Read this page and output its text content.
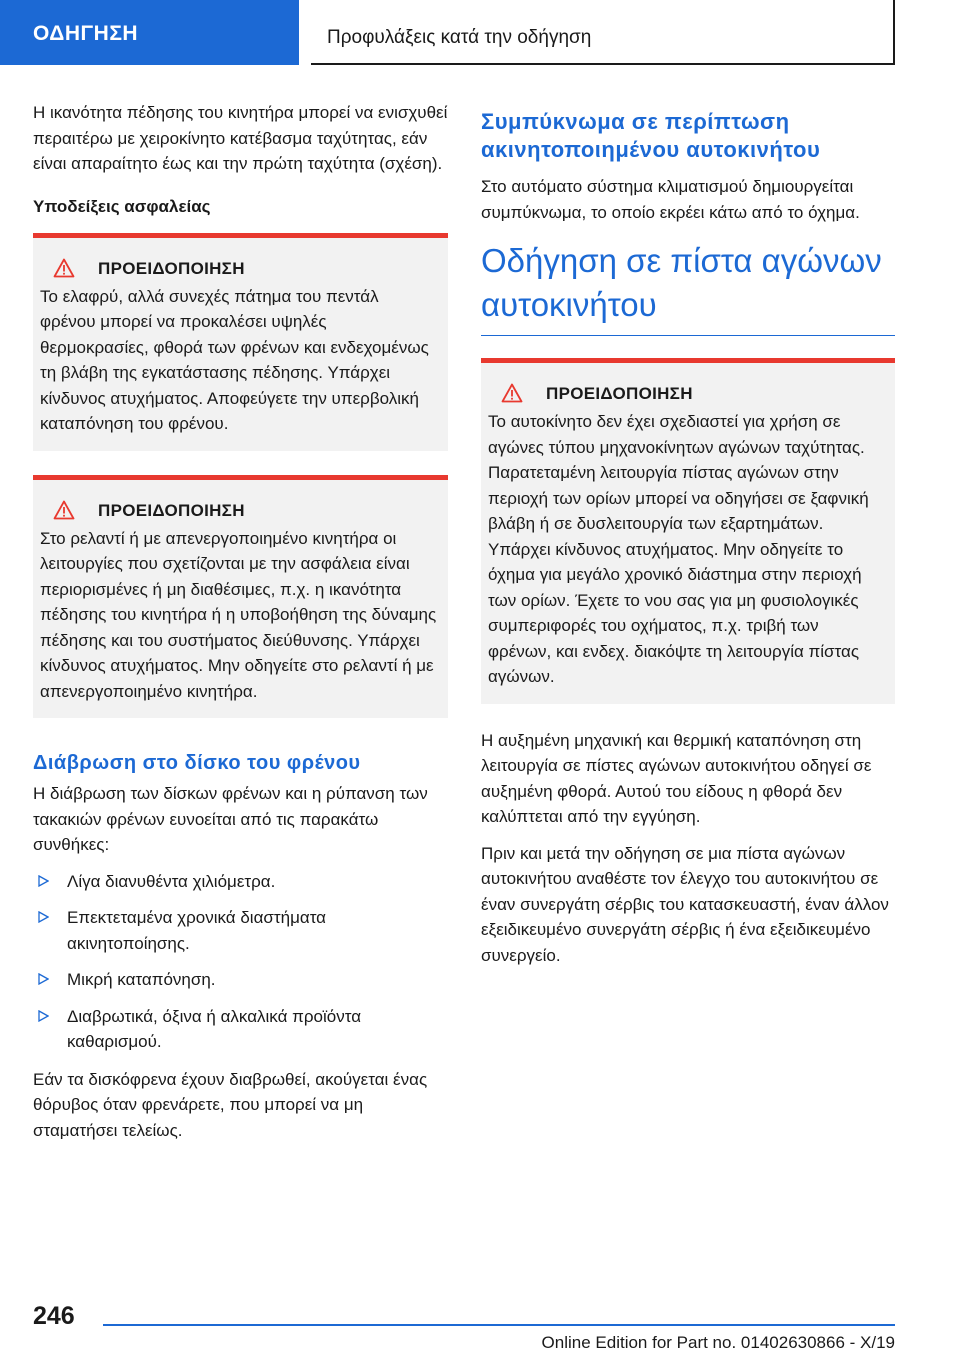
ΟΔΗΓΗΣΗ	Προφυλάξεις κατά την οδήγηση

Η ικανότητα πέδησης του κινητήρα μπορεί να ενισχυθεί περαιτέρω με χειροκίνητο κατέβασμα ταχύτητας, εάν είναι απαραίτητο έως και την πρώτη ταχύτητα (σχέση).

Υποδείξεις ασφαλείας
ΠΡΟΕΙΔΟΠΟΙΗΣΗ
Το ελαφρύ, αλλά συνεχές πάτημα του πεντάλ φρένου μπορεί να προκαλέσει υψηλές θερμοκρασίες, φθορά των φρένων και ενδεχομένως τη βλάβη της εγκατάστασης πέδησης. Υπάρχει κίνδυνος ατυχήματος. Αποφεύγετε την υπερβολική καταπόνηση του φρένου.
ΠΡΟΕΙΔΟΠΟΙΗΣΗ
Στο ρελαντί ή με απενεργοποιημένο κινητήρα οι λειτουργίες που σχετίζονται με την ασφάλεια είναι περιορισμένες ή μη διαθέσιμες, π.χ. η ικανότητα πέδησης του κινητήρα ή η υποβοήθηση της δύναμης πέδησης και του συστήματος διεύθυνσης. Υπάρχει κίνδυνος ατυχήματος. Μην οδηγείτε στο ρελαντί ή με απενεργοποιημένο κινητήρα.
Διάβρωση στο δίσκο του φρένου

Η διάβρωση των δίσκων φρένων και η ρύπανση των τακακιών φρένων ευνοείται από τις παρακάτω συνθήκες:

Λίγα διανυθέντα χιλιόμετρα.
Επεκτεταμένα χρονικά διαστήματα ακινητοποίησης.
Μικρή καταπόνηση.
Διαβρωτικά, όξινα ή αλκαλικά προϊόντα καθαρισμού.

Εάν τα δισκόφρενα έχουν διαβρωθεί, ακούγεται ένας θόρυβος όταν φρενάρετε, που μπορεί να μη σταματήσει τελείως.

Συμπύκνωμα σε περίπτωση ακινητοποιημένου αυτοκινήτου

Στο αυτόματο σύστημα κλιματισμού δημιουργείται συμπύκνωμα, το οποίο εκρέει κάτω από το όχημα.

Οδήγηση σε πίστα αγώνων αυτοκινήτου
ΠΡΟΕΙΔΟΠΟΙΗΣΗ
Το αυτοκίνητο δεν έχει σχεδιαστεί για χρήση σε αγώνες τύπου μηχανοκίνητων αγώνων ταχύτητας. Παρατεταμένη λειτουργία πίστας αγώνων στην περιοχή των ορίων μπορεί να οδηγήσει σε ξαφνική βλάβη ή σε δυσλειτουργία των εξαρτημάτων. Υπάρχει κίνδυνος ατυχήματος. Μην οδηγείτε το όχημα για μεγάλο χρονικό διάστημα στην περιοχή των ορίων. Έχετε το νου σας για μη φυσιολογικές συμπεριφορές του οχήματος, π.χ. τριβή των φρένων, και ενδεχ. διακόψτε τη λειτουργία πίστας αγώνων.

Η αυξημένη μηχανική και θερμική καταπόνηση στη λειτουργία σε πίστες αγώνων αυτοκινήτου οδηγεί σε αυξημένη φθορά. Αυτού του είδους η φθορά δεν καλύπτεται από την εγγύηση.

Πριν και μετά την οδήγηση σε μια πίστα αγώνων αυτοκινήτου αναθέστε τον έλεγχο του αυτοκινήτου σε έναν συνεργάτη σέρβις του κατασκευαστή, έναν άλλον εξειδικευμένο συνεργάτη σέρβις ή ένα εξειδικευμένο συνεργείο.

246
Online Edition for Part no. 01402630866 - X/19
